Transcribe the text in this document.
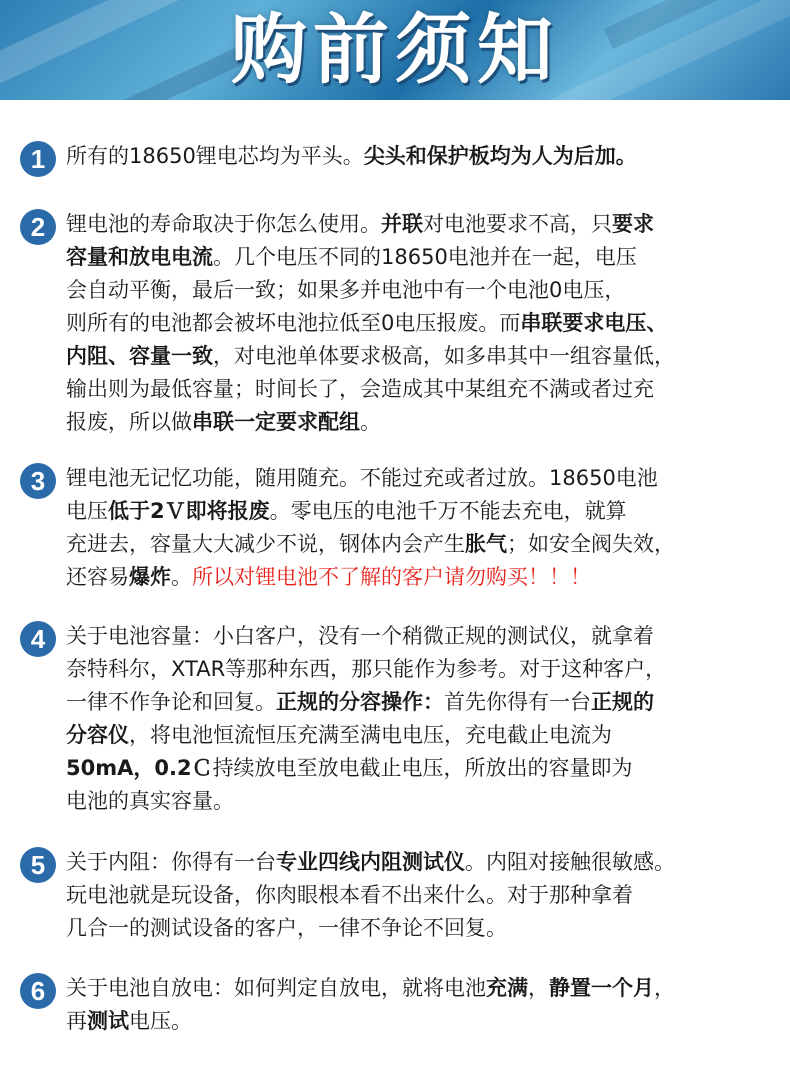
购前须知
1 所有的18650锂电芯均为平头。尖头和保护板均为人为后加。
2 锂电池的寿命取决于你怎么使用。并联对电池要求不高，只要求
容量和放电电流。几个电压不同的18650电池并在一起，电压
会自动平衡，最后一致；如果多并电池中有一个电池0电压，
则所有的电池都会被坏电池拉低至0电压报废。而串联要求电压、
内阻、容量一致，对电池单体要求极高，如多串其中一组容量低，
输出则为最低容量；时间长了，会造成其中某组充不满或者过充
报废，所以做串联一定要求配组。
3 锂电池无记忆功能，随用随充。不能过充或者过放。18650电池
电压低于2Ｖ即将报废。零电压的电池千万不能去充电，就算
充进去，容量大大减少不说，钢体内会产生胀气；如安全阀失效，
还容易爆炸。所以对锂电池不了解的客户请勿购买！！！
4 关于电池容量：小白客户，没有一个稍微正规的测试仪，就拿着
奈特科尔，XTAR等那种东西，那只能作为参考。对于这种客户，
一律不作争论和回复。正规的分容操作：首先你得有一台正规的
分容仪，将电池恒流恒压充满至满电电压，充电截止电流为
50mA，0.2Ｃ持续放电至放电截止电压，所放出的容量即为
电池的真实容量。
5 关于内阻：你得有一台专业四线内阻测试仪。内阻对接触很敏感。
玩电池就是玩设备，你肉眼根本看不出来什么。对于那种拿着
几合一的测试设备的客户，一律不争论不回复。
6 关于电池自放电：如何判定自放电，就将电池充满，静置一个月，
再测试电压。
